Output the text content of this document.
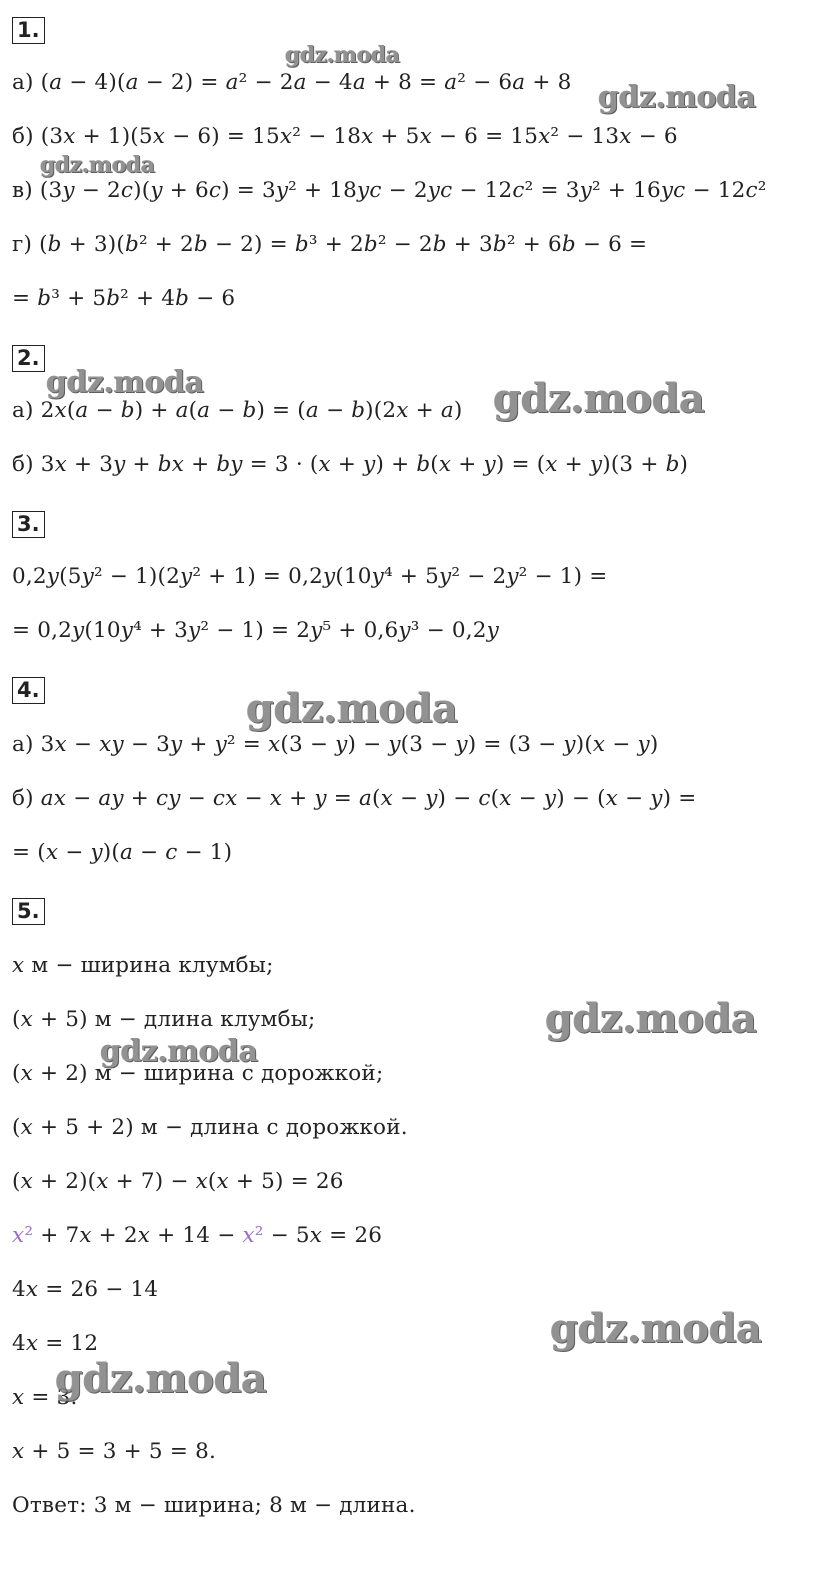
1.
а) (𝑎 − 4)(𝑎 − 2) = 𝑎² − 2𝑎 − 4𝑎 + 8 = 𝑎² − 6𝑎 + 8
б) (3𝑥 + 1)(5𝑥 − 6) = 15𝑥² − 18𝑥 + 5𝑥 − 6 = 15𝑥² − 13𝑥 − 6
в) (3𝑦 − 2𝑐)(𝑦 + 6𝑐) = 3𝑦² + 18𝑦𝑐 − 2𝑦𝑐 − 12𝑐² = 3𝑦² + 16𝑦𝑐 − 12𝑐²
г) (𝑏 + 3)(𝑏² + 2𝑏 − 2) = 𝑏³ + 2𝑏² − 2𝑏 + 3𝑏² + 6𝑏 − 6 =
= 𝑏³ + 5𝑏² + 4𝑏 − 6
2.
а) 2𝑥(𝑎 − 𝑏) + 𝑎(𝑎 − 𝑏) = (𝑎 − 𝑏)(2𝑥 + 𝑎)
б) 3𝑥 + 3𝑦 + 𝑏𝑥 + 𝑏𝑦 = 3 · (𝑥 + 𝑦) + 𝑏(𝑥 + 𝑦) = (𝑥 + 𝑦)(3 + 𝑏)
3.
0,2𝑦(5𝑦² − 1)(2𝑦² + 1) = 0,2𝑦(10𝑦⁴ + 5𝑦² − 2𝑦² − 1) =
= 0,2𝑦(10𝑦⁴ + 3𝑦² − 1) = 2𝑦⁵ + 0,6𝑦³ − 0,2𝑦
4.
а) 3𝑥 − 𝑥𝑦 − 3𝑦 + 𝑦² = 𝑥(3 − 𝑦) − 𝑦(3 − 𝑦) = (3 − 𝑦)(𝑥 − 𝑦)
б) 𝑎𝑥 − 𝑎𝑦 + 𝑐𝑦 − 𝑐𝑥 − 𝑥 + 𝑦 = 𝑎(𝑥 − 𝑦) − 𝑐(𝑥 − 𝑦) − (𝑥 − 𝑦) =
= (𝑥 − 𝑦)(𝑎 − 𝑐 − 1)
5.
𝑥 м − ширина клумбы;
(𝑥 + 5) м − длина клумбы;
(𝑥 + 2) м − ширина с дорожкой;
(𝑥 + 5 + 2) м − длина с дорожкой.
(𝑥 + 2)(𝑥 + 7) − 𝑥(𝑥 + 5) = 26
𝑥² + 7𝑥 + 2𝑥 + 14 − 𝑥² − 5𝑥 = 26
4𝑥 = 26 − 14
4𝑥 = 12
𝑥 = 3.
𝑥 + 5 = 3 + 5 = 8.
Ответ: 3 м − ширина; 8 м − длина.
gdz.moda
gdz.moda
gdz.moda
gdz.moda	gdz.moda
gdz.moda
gdz.moda
gdz.moda
gdz.moda
gdz.moda
